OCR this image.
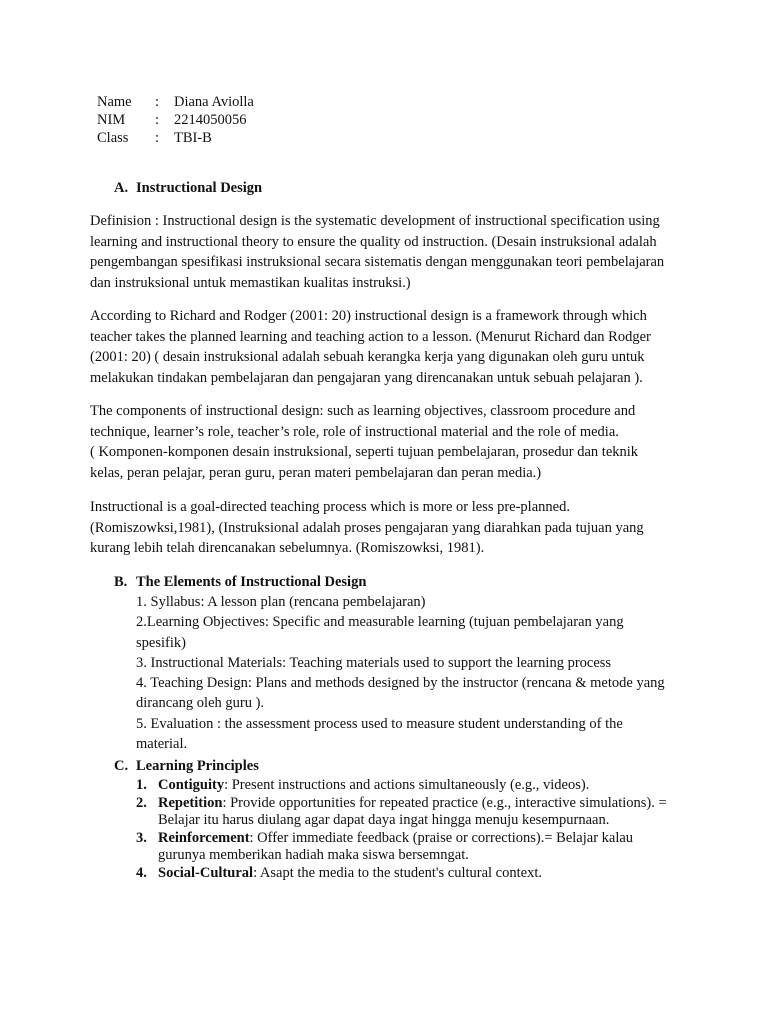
Name	:	Diana Aviolla
NIM	:	2214050056
Class	:	TBI-B
A. Instructional Design

Definision : Instructional design is the systematic development of instructional specification using learning and instructional theory to ensure the quality od instruction. (Desain instruksional adalah pengembangan spesifikasi instruksional secara sistematis dengan menggunakan teori pembelajaran dan instruksional untuk memastikan kualitas instruksi.)

According to Richard and Rodger (2001: 20) instructional design is a framework through which teacher takes the planned learning and teaching action to a lesson. (Menurut Richard dan Rodger (2001: 20) ( desain instruksional adalah sebuah kerangka kerja yang digunakan oleh guru untuk melakukan tindakan pembelajaran dan pengajaran yang direncanakan untuk sebuah pelajaran ).

The components of instructional design: such as learning objectives, classroom procedure and technique, learner’s role, teacher’s role, role of instructional material and the role of media.

( Komponen-komponen desain instruksional, seperti tujuan pembelajaran, prosedur dan teknik kelas, peran pelajar, peran guru, peran materi pembelajaran dan peran media.)

Instructional is a goal-directed teaching process which is more or less pre-planned. (Romiszowksi,1981), (Instruksional adalah proses pengajaran yang diarahkan pada tujuan yang kurang lebih telah direncanakan sebelumnya. (Romiszowksi, 1981).

B. The Elements of Instructional Design
1. Syllabus: A lesson plan (rencana pembelajaran)
2.Learning Objectives: Specific and measurable learning (tujuan pembelajaran yang spesifik)
3. Instructional Materials: Teaching materials used to support the learning process
4. Teaching Design: Plans and methods designed by the instructor (rencana & metode yang dirancang oleh guru ).
5. Evaluation : the assessment process used to measure student understanding of the material.
C. Learning Principles
1. Contiguity: Present instructions and actions simultaneously (e.g., videos).
2. Repetition: Provide opportunities for repeated practice (e.g., interactive simulations). = Belajar itu harus diulang agar dapat daya ingat hingga menuju kesempurnaan.
3. Reinforcement: Offer immediate feedback (praise or corrections).= Belajar kalau gurunya memberikan hadiah maka siswa bersemngat.
4. Social-Cultural: Asapt the media to the student's cultural context.
